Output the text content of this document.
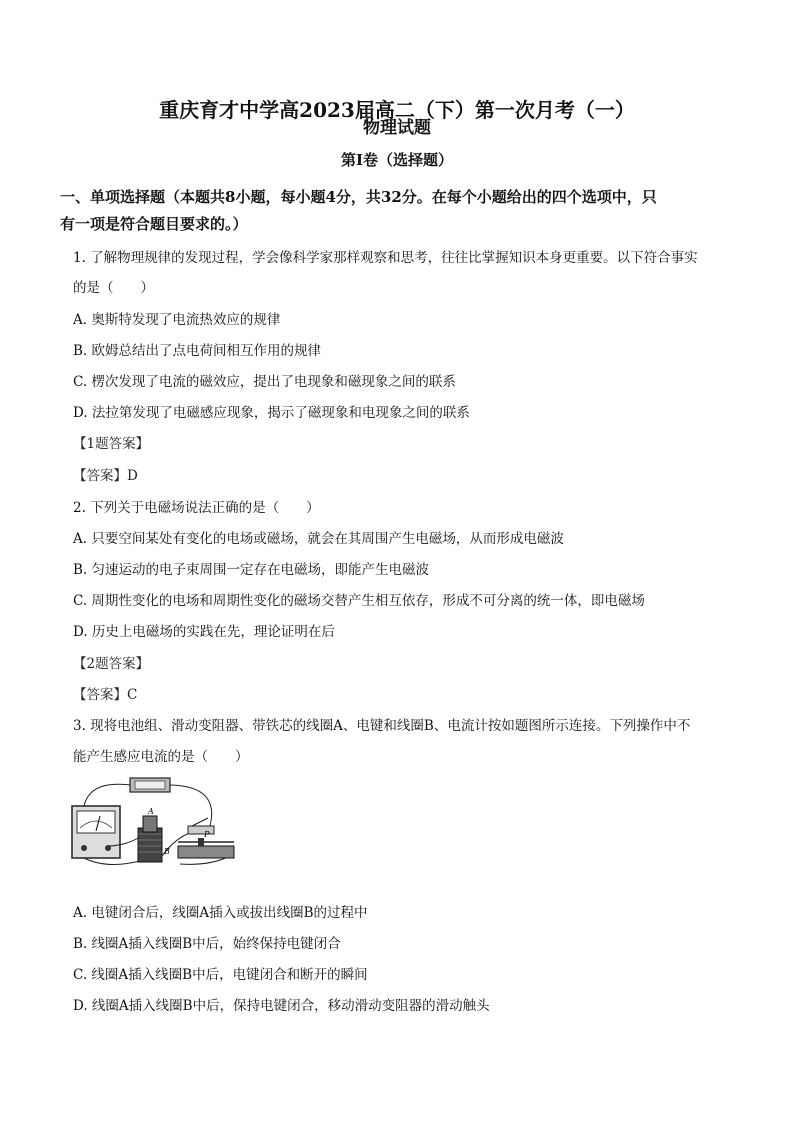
重庆育才中学高2023届高二（下）第一次月考（一）
物理试题
第I卷（选择题）
一、单项选择题（本题共8小题，每小题4分，共32分。在每个小题给出的四个选项中，只
有一项是符合题目要求的。）
1. 了解物理规律的发现过程，学会像科学家那样观察和思考，往往比掌握知识本身更重要。以下符合事实
的是（　　）
A. 奥斯特发现了电流热效应的规律
B. 欧姆总结出了点电荷间相互作用的规律
C. 楞次发现了电流的磁效应，提出了电现象和磁现象之间的联系
D. 法拉第发现了电磁感应现象，揭示了磁现象和电现象之间的联系
【1题答案】
【答案】D
2. 下列关于电磁场说法正确的是（　　）
A. 只要空间某处有变化的电场或磁场，就会在其周围产生电磁场，从而形成电磁波
B. 匀速运动的电子束周围一定存在电磁场，即能产生电磁波
C. 周期性变化的电场和周期性变化的磁场交替产生相互依存，形成不可分离的统一体，即电磁场
D. 历史上电磁场的实践在先，理论证明在后
【2题答案】
【答案】C
3. 现将电池组、滑动变阻器、带铁芯的线圈A、电键和线圈B、电流计按如题图所示连接。下列操作中不
能产生感应电流的是（　　）
A
B
P
A. 电键闭合后，线圈A插入或拔出线圈B的过程中
B. 线圈A插入线圈B中后，始终保持电键闭合
C. 线圈A插入线圈B中后，电键闭合和断开的瞬间
D. 线圈A插入线圈B中后，保持电键闭合，移动滑动变阻器的滑动触头
